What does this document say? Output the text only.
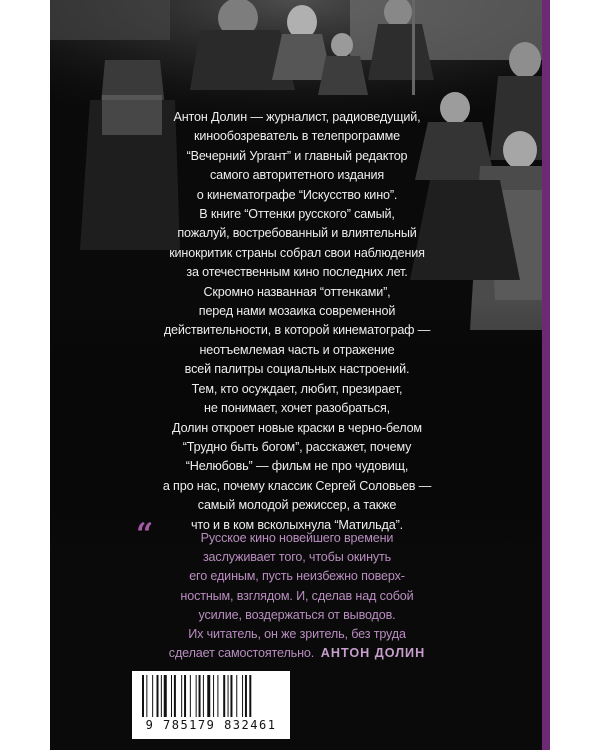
Антон Долин — журналист, радиоведущий,
кинообозреватель в телепрограмме
“Вечерний Ургант” и главный редактор
самого авторитетного издания
о кинематографе “Искусство кино”.
В книге “Оттенки русского” самый,
пожалуй, востребованный и влиятельный
кинокритик страны собрал свои наблюдения
за отечественным кино последних лет.
Скромно названная “оттенками”,
перед нами мозаика современной
действительности, в которой кинематограф —
неотъемлемая часть и отражение
всей палитры социальных настроений.
Тем, кто осуждает, любит, презирает,
не понимает, хочет разобраться,
Долин откроет новые краски в черно-белом
“Трудно быть богом”, расскажет, почему
“Нелюбовь” — фильм не про чудовищ,
а про нас, почему классик Сергей Соловьев —
самый молодой режиссер, а также
что и в ком всколыхнула “Матильда”.
“	Русское кино новейшего времени
заслуживает того, чтобы окинуть
его единым, пусть неизбежно поверх-
ностным, взглядом. И, сделав над собой
усилие, воздержаться от выводов.
Их читатель, он же зритель, без труда
сделает самостоятельно. АНТОН ДОЛИН
9 785179 832461
